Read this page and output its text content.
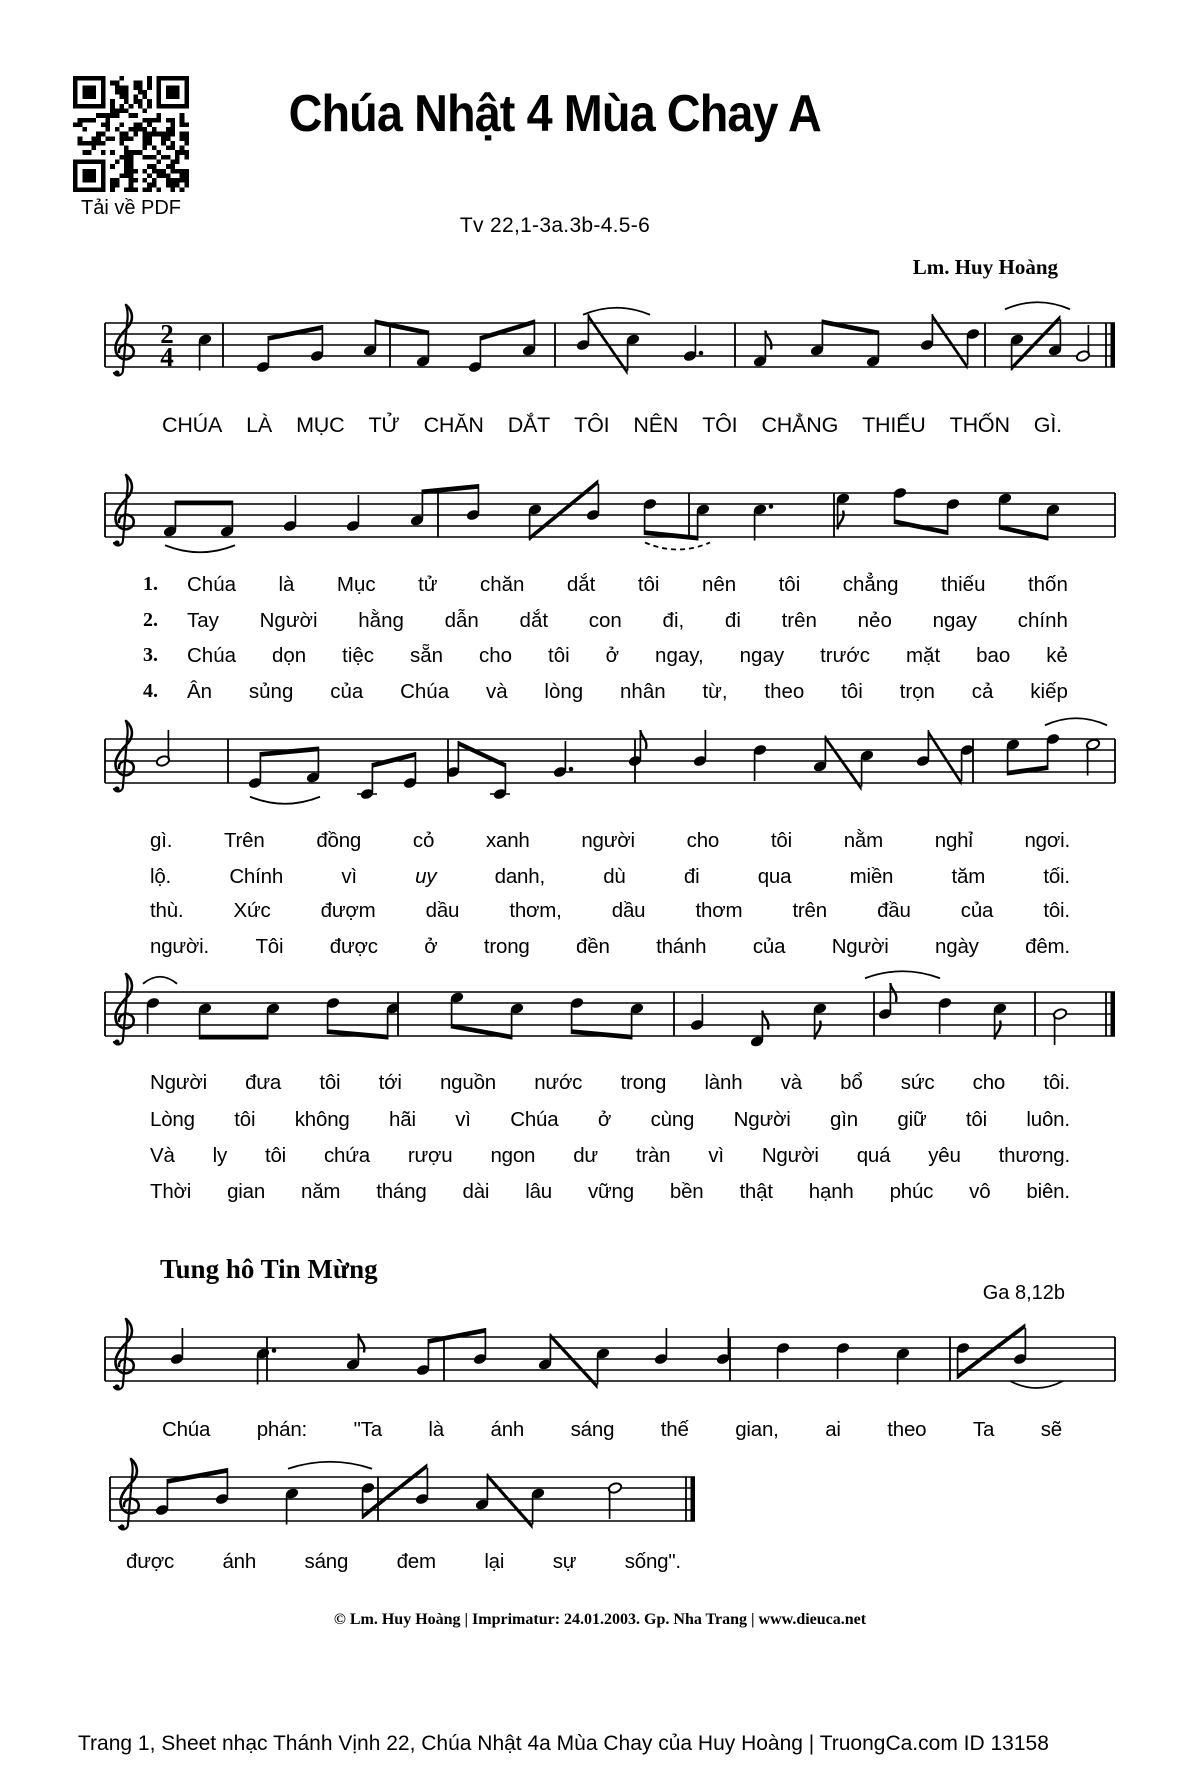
Tải về PDF
Chúa Nhật 4 Mùa Chay A
Tv 22,1-3a.3b-4.5-6
Lm. Huy Hoàng
2
4
CHÚA LÀ MỤC TỬ CHĂN DẮT TÔI NÊN TÔI CHẲNG THIẾU THỐN GÌ.
1.	Chúa là Mục tử chăn dắt tôi nên tôi chẳng thiếu thốn
2.	Tay Người hằng dẫn dắt con đi, đi trên nẻo ngay chính
3.	Chúa dọn tiệc sẵn cho tôi ở ngay, ngay trước mặt bao kẻ
4.	Ân sủng của Chúa và lòng nhân từ, theo tôi trọn cả kiếp
gì.	Trên	đồng	cỏ	xanh	người	cho	tôi	nằm	nghỉ	ngơi.
lộ.	Chính	vì	uy	danh,	dù	đi	qua	miền	tăm	tối.
thù. Xức đượm dầu thơm, dầu thơm trên đầu của tôi.
người. Tôi được ở trong đền thánh của Người ngày đêm.
Người đưa tôi tới nguồn nước trong lành và bổ sức cho tôi.
Lòng tôi không hãi vì Chúa ở cùng Người gìn giữ tôi luôn.
Và ly tôi chứa rượu ngon dư tràn vì Người quá yêu thương.
Thời gian năm tháng dài lâu vững bền thật hạnh phúc vô biên.
Tung hô Tin Mừng
Ga 8,12b
Chúa phán: "Ta là ánh sáng thế gian, ai theo Ta sẽ
được ánh sáng đem lại sự sống".
© Lm. Huy Hoàng | Imprimatur: 24.01.2003. Gp. Nha Trang | www.dieuca.net
Trang 1, Sheet nhạc Thánh Vịnh 22, Chúa Nhật 4a Mùa Chay của Huy Hoàng | TruongCa.com ID 13158
